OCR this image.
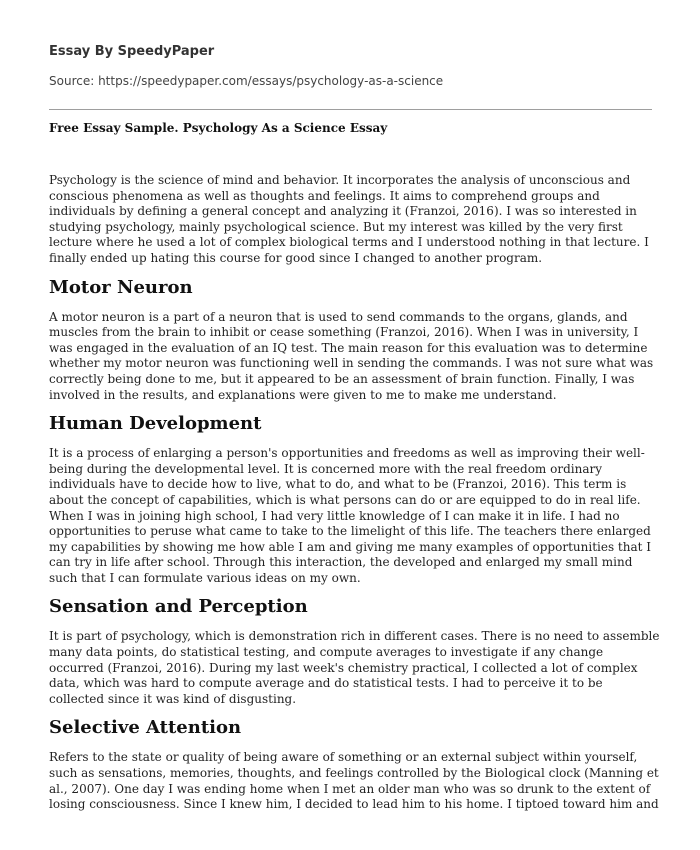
Essay By SpeedyPaper

Source: https://speedypaper.com/essays/psychology-as-a-science

Free Essay Sample. Psychology As a Science Essay

Psychology is the science of mind and behavior. It incorporates the analysis of unconscious and conscious phenomena as well as thoughts and feelings. It aims to comprehend groups and individuals by defining a general concept and analyzing it (Franzoi, 2016). I was so interested in studying psychology, mainly psychological science. But my interest was killed by the very first lecture where he used a lot of complex biological terms and I understood nothing in that lecture. I finally ended up hating this course for good since I changed to another program.

Motor Neuron

A motor neuron is a part of a neuron that is used to send commands to the organs, glands, and muscles from the brain to inhibit or cease something (Franzoi, 2016). When I was in university, I was engaged in the evaluation of an IQ test. The main reason for this evaluation was to determine whether my motor neuron was functioning well in sending the commands. I was not sure what was correctly being done to me, but it appeared to be an assessment of brain function. Finally, I was involved in the results, and explanations were given to me to make me understand.

Human Development

It is a process of enlarging a person's opportunities and freedoms as well as improving their well-being during the developmental level. It is concerned more with the real freedom ordinary individuals have to decide how to live, what to do, and what to be (Franzoi, 2016). This term is about the concept of capabilities, which is what persons can do or are equipped to do in real life. When I was in joining high school, I had very little knowledge of I can make it in life. I had no opportunities to peruse what came to take to the limelight of this life. The teachers there enlarged my capabilities by showing me how able I am and giving me many examples of opportunities that I can try in life after school. Through this interaction, the developed and enlarged my small mind such that I can formulate various ideas on my own.

Sensation and Perception

It is part of psychology, which is demonstration rich in different cases. There is no need to assemble many data points, do statistical testing, and compute averages to investigate if any change occurred (Franzoi, 2016). During my last week's chemistry practical, I collected a lot of complex data, which was hard to compute average and do statistical tests. I had to perceive it to be collected since it was kind of disgusting.

Selective Attention

Refers to the state or quality of being aware of something or an external subject within yourself, such as sensations, memories, thoughts, and feelings controlled by the Biological clock (Manning et al., 2007). One day I was ending home when I met an older man who was so drunk to the extent of losing consciousness. Since I knew him, I decided to lead him to his home. I tiptoed toward him and
